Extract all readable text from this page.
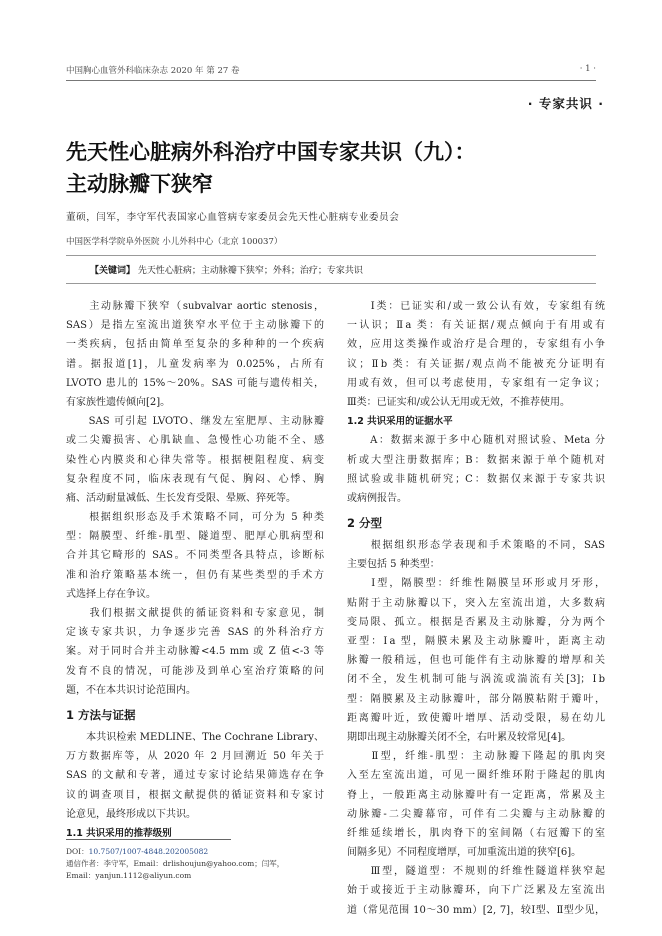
中国胸心血管外科临床杂志 2020 年 第 27 卷	· 1 ·
· 专家共识 ·
先天性心脏病外科治疗中国专家共识（九）：
主动脉瓣下狭窄
董硕，闫军，李守军代表国家心血管病专家委员会先天性心脏病专业委员会
中国医学科学院阜外医院 小儿外科中心（北京 100037）
【关键词】 先天性心脏病；主动脉瓣下狭窄；外科；治疗；专家共识
　　主动脉瓣下狭窄（subvalvar aortic stenosis，
SAS）是指左室流出道狭窄水平位于主动脉瓣下的
一类疾病，包括由简单至复杂的多种种的一个疾病
谱。据报道[1]，儿童发病率为 0.025%，占所有
LVOTO 患儿的 15%～20%。SAS 可能与遗传相关，
有家族性遗传倾向[2]。
　　SAS 可引起 LVOTO、继发左室肥厚、主动脉瓣
或二尖瓣损害、心肌缺血、急慢性心功能不全、感
染性心内膜炎和心律失常等。根据梗阻程度、病变
复杂程度不同，临床表现有气促、胸闷、心悸、胸
痛、活动耐量减低、生长发育受限、晕厥、猝死等。
　　根据组织形态及手术策略不同，可分为 5 种类
型：隔膜型、纤维-肌型、隧道型、肥厚心肌病型和
合并其它畸形的 SAS。不同类型各具特点，诊断标
准和治疗策略基本统一，但仍有某些类型的手术方
式选择上存在争议。
　　我们根据文献提供的循证资料和专家意见，制
定该专家共识，力争逐步完善 SAS 的外科治疗方
案。对于同时合并主动脉瓣<4.5 mm 或 Z 值<-3 等
发育不良的情况，可能涉及到单心室治疗策略的问
题，不在本共识讨论范围内。
1 方法与证据
　　本共识检索 MEDLINE、The Cochrane Library、
万方数据库等，从 2020 年 2 月回溯近 50 年关于
SAS 的文献和专著，通过专家讨论结果筛选存在争
议的调查项目，根据文献提供的循证资料和专家讨
论意见，最终形成以下共识。
1.1 共识采用的推荐级别
　　Ⅰ类：已证实和/或一致公认有效，专家组有统
一认识；Ⅱa 类：有关证据/观点倾向于有用或有
效，应用这类操作或治疗是合理的，专家组有小争
议；Ⅱb 类：有关证据/观点尚不能被充分证明有
用或有效，但可以考虑使用，专家组有一定争议；
Ⅲ类：已证实和/或公认无用或无效，不推荐使用。
1.2 共识采用的证据水平
　　A：数据来源于多中心随机对照试验、Meta 分
析或大型注册数据库；B：数据来源于单个随机对
照试验或非随机研究；C：数据仅来源于专家共识
或病例报告。
2 分型
　　根据组织形态学表现和手术策略的不同，SAS
主要包括 5 种类型：
　　Ⅰ型，隔膜型：纤维性隔膜呈环形或月牙形，
贴附于主动脉瓣以下，突入左室流出道，大多数病
变局限、孤立。根据是否累及主动脉瓣，分为两个
亚型：Ⅰa 型，隔膜未累及主动脉瓣叶，距离主动
脉瓣一般稍远，但也可能伴有主动脉瓣的增厚和关
闭不全，发生机制可能与涡流或湍流有关[3]；Ⅰb
型：隔膜累及主动脉瓣叶，部分隔膜粘附于瓣叶，
距离瓣叶近，致使瓣叶增厚、活动受限，易在幼儿
期即出现主动脉瓣关闭不全，右叶累及较常见[4]。
　　Ⅱ型，纤维-肌型：主动脉瓣下隆起的肌肉突
入至左室流出道，可见一圈纤维环附于隆起的肌肉
脊上，一般距离主动脉瓣叶有一定距离，常累及主
动脉瓣-二尖瓣幕帘，可伴有二尖瓣与主动脉瓣的
纤维延续增长，肌肉脊下的室间隔（右冠瓣下的室
间隔多见）不同程度增厚，可加重流出道的狭窄[6]。
　　Ⅲ型，隧道型：不规则的纤维性隧道样狭窄起
始于或接近于主动脉瓣环，向下广泛累及左室流出
道（常见范围 10～30 mm）[2, 7]，较Ⅰ型、Ⅱ型少见，
DOI：10.7507/1007-4848.202005082
通信作者：李守军，Email：drlishoujun@yahoo.com；闫军，
Email：yanjun.1112@aliyun.com
